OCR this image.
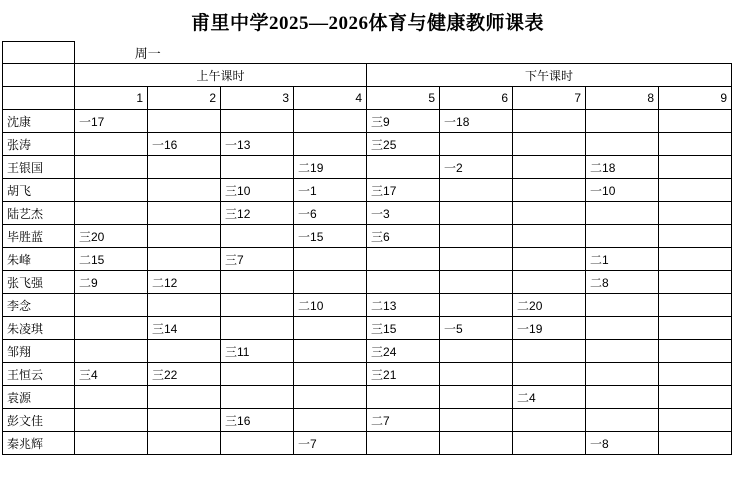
甫里中学2025—2026体育与健康教师课表
	周一								
	上午课时				下午课时				
	1	2	3	4	5	6	7	8	9
沈康	一17				三9	一18			
张涛		一16	一13		三25				
王银国				二19		一2		二18	
胡飞			三10	一1	三17			一10	
陆艺杰			三12	一6	一3				
毕胜蓝	三20			一15	三6				
朱峰	二15		三7					二1	
张飞强	二9	二12						二8	
李念				二10	二13		二20		
朱凌琪		三14			三15	一5	一19		
邹翔			三11		三24				
王恒云	三4	三22			三21				
袁源							二4		
彭文佳			三16		二7				
秦兆辉				一7				一8	
